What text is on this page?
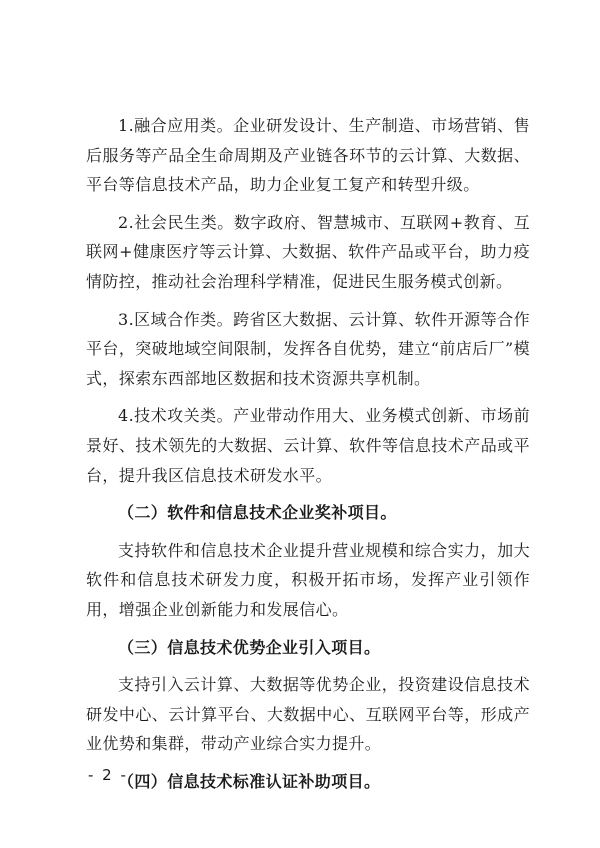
1.融合应用类。企业研发设计、生产制造、市场营销、售后服务等产品全生命周期及产业链各环节的云计算、大数据、平台等信息技术产品，助力企业复工复产和转型升级。

2.社会民生类。数字政府、智慧城市、互联网+教育、互联网+健康医疗等云计算、大数据、软件产品或平台，助力疫情防控，推动社会治理科学精准，促进民生服务模式创新。

3.区域合作类。跨省区大数据、云计算、软件开源等合作平台，突破地域空间限制，发挥各自优势，建立“前店后厂”模式，探索东西部地区数据和技术资源共享机制。

4.技术攻关类。产业带动作用大、业务模式创新、市场前景好、技术领先的大数据、云计算、软件等信息技术产品或平台，提升我区信息技术研发水平。

（二）软件和信息技术企业奖补项目。

支持软件和信息技术企业提升营业规模和综合实力，加大软件和信息技术研发力度，积极开拓市场，发挥产业引领作用，增强企业创新能力和发展信心。

（三）信息技术优势企业引入项目。

支持引入云计算、大数据等优势企业，投资建设信息技术研发中心、云计算平台、大数据中心、互联网平台等，形成产业优势和集群，带动产业综合实力提升。

（四）信息技术标准认证补助项目。

- 2 -
